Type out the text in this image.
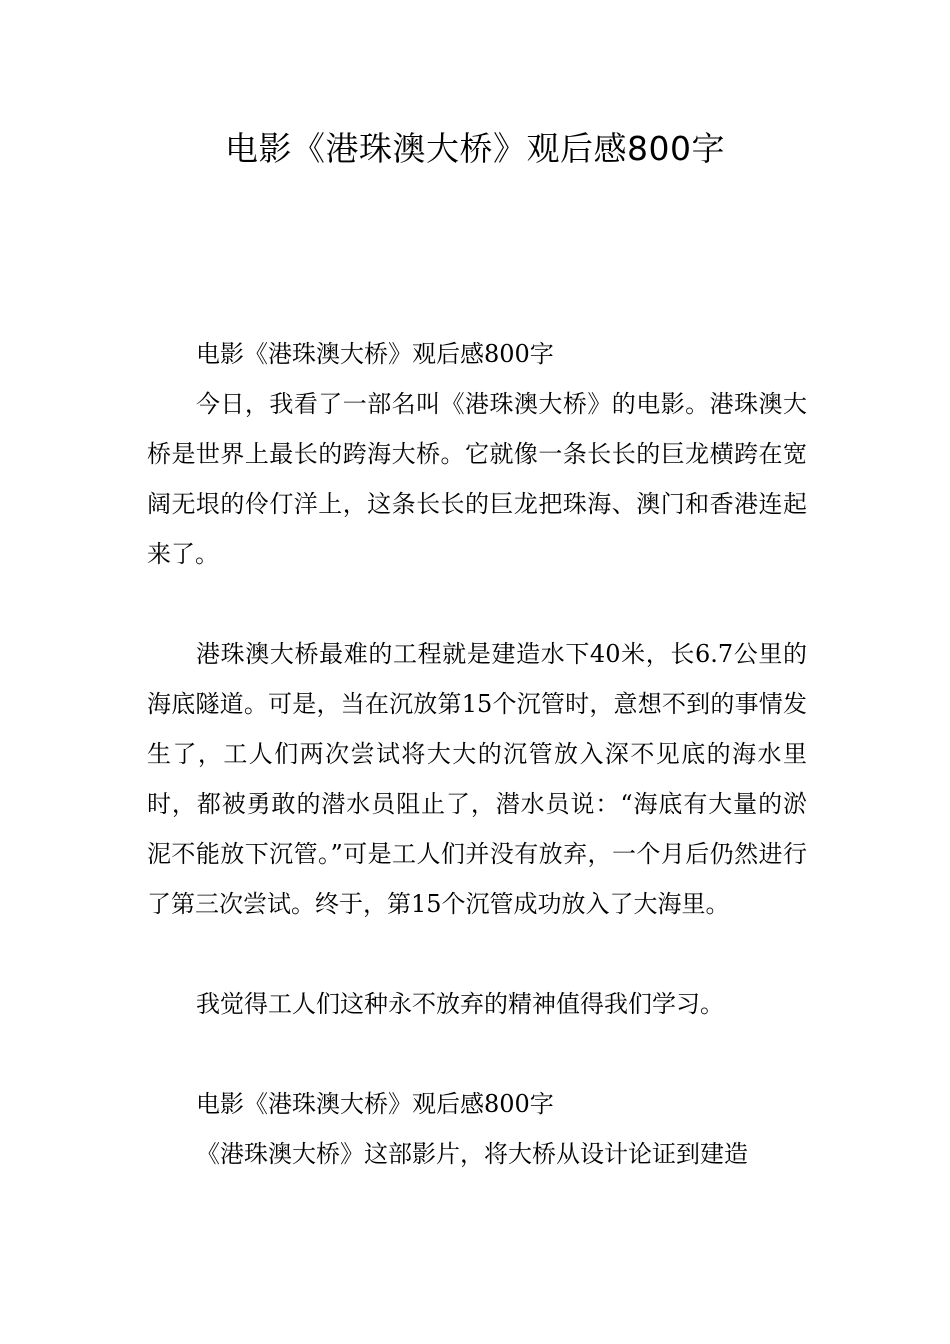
电影《港珠澳大桥》观后感800字

电影《港珠澳大桥》观后感800字

今日，我看了一部名叫《港珠澳大桥》的电影。港珠澳大桥是世界上最长的跨海大桥。它就像一条长长的巨龙横跨在宽阔无垠的伶仃洋上，这条长长的巨龙把珠海、澳门和香港连起来了。

港珠澳大桥最难的工程就是建造水下40米，长6.7公里的海底隧道。可是，当在沉放第15个沉管时，意想不到的事情发生了，工人们两次尝试将大大的沉管放入深不见底的海水里时，都被勇敢的潜水员阻止了，潜水员说：“海底有大量的淤泥不能放下沉管。”可是工人们并没有放弃，一个月后仍然进行了第三次尝试。终于，第15个沉管成功放入了大海里。

我觉得工人们这种永不放弃的精神值得我们学习。

电影《港珠澳大桥》观后感800字

《港珠澳大桥》这部影片，将大桥从设计论证到建造
